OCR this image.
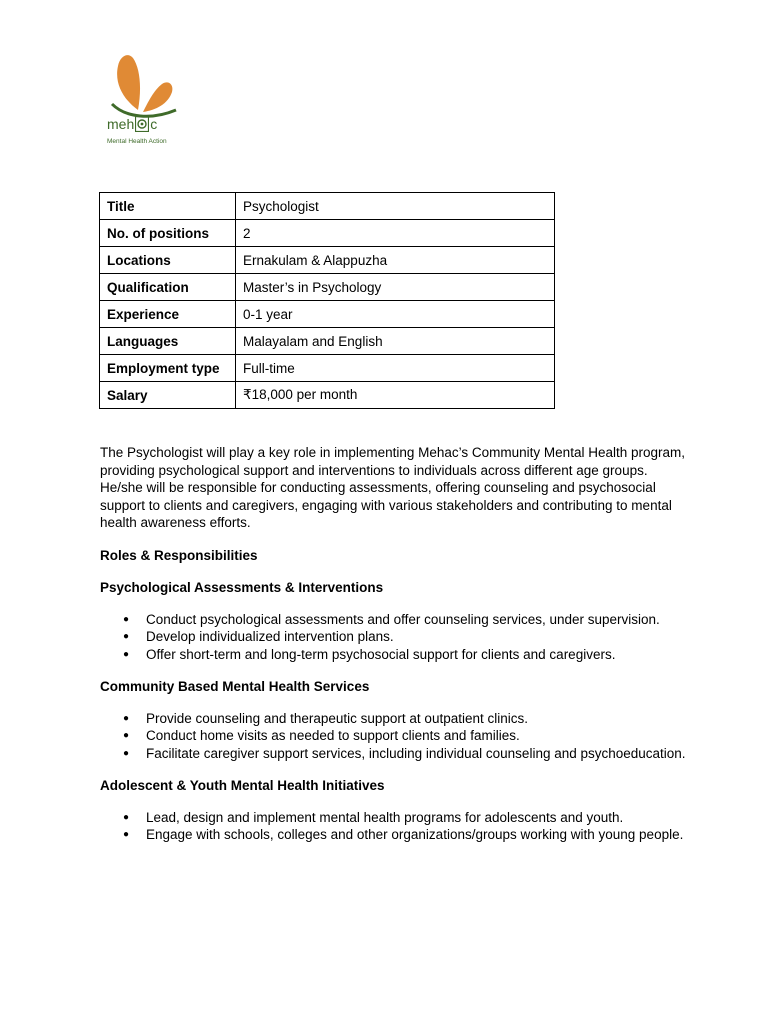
meh c
Mental Health Action
Title	Psychologist
No. of positions	2
Locations	Ernakulam & Alappuzha
Qualification	Master’s in Psychology
Experience	0-1 year
Languages	Malayalam and English
Employment type	Full-time
Salary	₹18,000 per month

The Psychologist will play a key role in implementing Mehac’s Community Mental Health program, providing psychological support and interventions to individuals across different age groups. He/she will be responsible for conducting assessments, offering counseling and psychosocial support to clients and caregivers, engaging with various stakeholders and contributing to mental health awareness efforts.

Roles & Responsibilities
Psychological Assessments & Interventions
● Conduct psychological assessments and offer counseling services, under supervision.
● Develop individualized intervention plans.
● Offer short-term and long-term psychosocial support for clients and caregivers.
Community Based Mental Health Services
● Provide counseling and therapeutic support at outpatient clinics.
● Conduct home visits as needed to support clients and families.
● Facilitate caregiver support services, including individual counseling and psychoeducation.
Adolescent & Youth Mental Health Initiatives
● Lead, design and implement mental health programs for adolescents and youth.
● Engage with schools, colleges and other organizations/groups working with young people.
